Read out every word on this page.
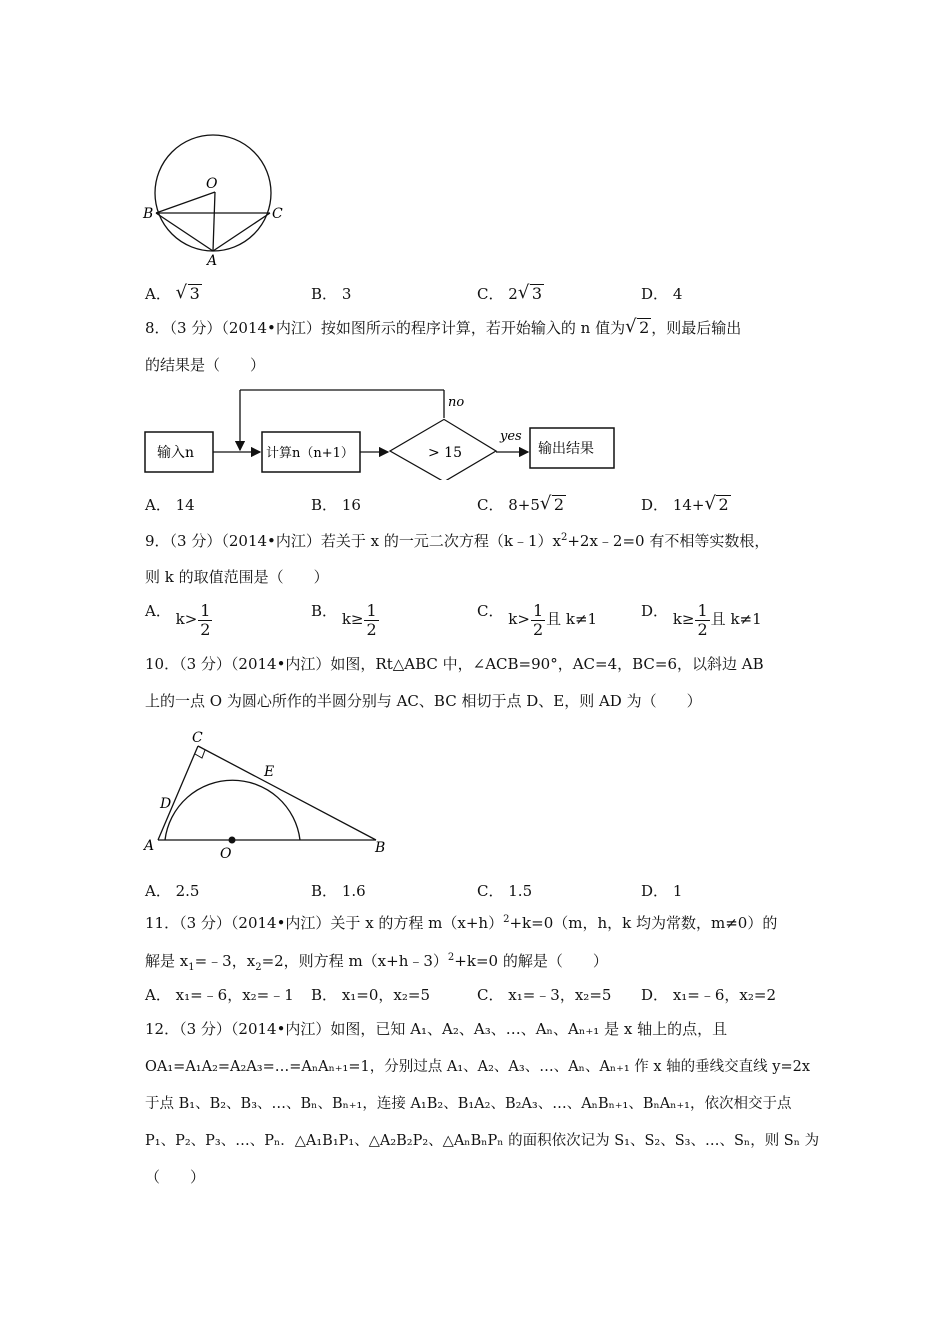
O
B	C
A
A． √ 3	B． 3	C． 2 √ 3	D． 4
8．（3 分）（2014•内江）按如图所示的程序计算，若开始输入的 n 值为 √ 2 ，则最后输出
的结果是（　　）
输入n	计算n（n+1）	> 15
no
yes
输出结果
A． 14	B． 16	C． 8+5 √ 2	D． 14+ √ 2
9．（3 分）（2014•内江）若关于 x 的一元二次方程$(k﹣1)x^2+2x﹣2=0$ 有不相等实数根，
则 k 的取值范围是（　　）
A． $k> \frac{1}{2}$	B． $k\ge \frac{1}{2}$	C． $k> \frac{1}{2}$ 且 k≠1	D． $k\ge \frac{1}{2}$ 且 k≠1
10．（3 分）（2014•内江）如图，Rt△ABC 中，∠ACB=90°，AC=4，BC=6，以斜边 AB
上的一点 O 为圆心所作的半圆分别与 AC、BC 相切于点 D、E，则 AD 为（　　）
C
E
D
A	O	B
A． 2.5	B． 1.6	C． 1.5	D． 1
11．（3 分）（2014•内江）关于 x 的方程 $m(x+h)^2+k=0(m$，h，k 均为常数，m≠0）的
解是 $x_1=﹣3$，$x_2=2$，则方程 m（x+h﹣3）$^2$+k=0 的解是（　　）
A． x₁=﹣6，x₂=﹣1 B． x₁=0，x₂=5	C． x₁=﹣3，x₂=5 D． x₁=﹣6，x₂=2
12．（3 分）（2014•内江）如图，已知 A₁、A₂、A₃、…、Aₙ、Aₙ₊₁ 是 x 轴上的点，且
OA₁=A₁A₂=A₂A₃=…=AₙAₙ₊₁=1，分别过点 A₁、A₂、A₃、…、Aₙ、Aₙ₊₁ 作 x 轴的垂线交直线 y=2x
于点 B₁、B₂、B₃、…、Bₙ、Bₙ₊₁，连接 A₁B₂、B₁A₂、B₂A₃、…、AₙBₙ₊₁、BₙAₙ₊₁，依次相交于点
P₁、P₂、P₃、…、Pₙ．△A₁B₁P₁、△A₂B₂P₂、△AₙBₙPₙ 的面积依次记为 S₁、S₂、S₃、…、Sₙ，则 Sₙ 为
（　　）
